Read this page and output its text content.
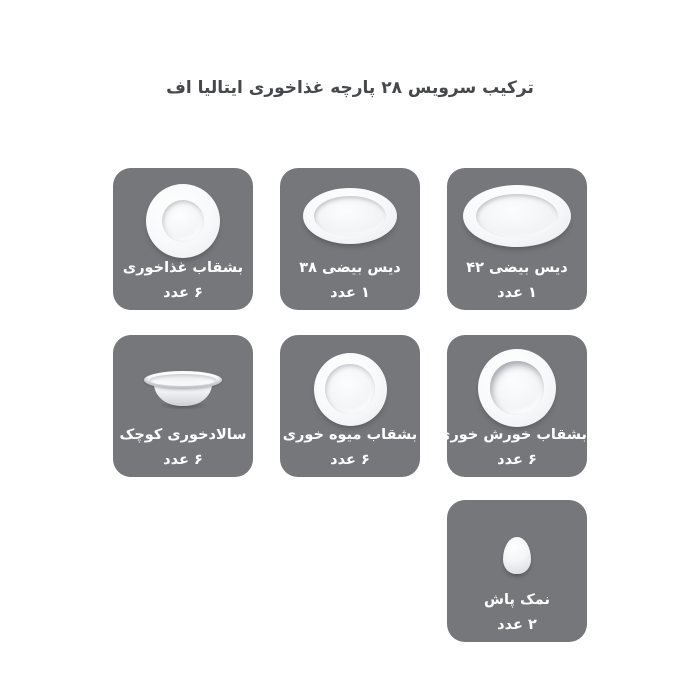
ترکیب سرویس ۲۸ پارچه غذاخوری ایتالیا اف
بشقاب غذاخوری
۶ عدد
دیس بیضی ۳۸
۱ عدد
دیس بیضی ۴۲
۱ عدد
سالادخوری کوچک
۶ عدد
بشقاب میوه خوری
۶ عدد
بشقاب خورش خوری
۶ عدد
نمک پاش
۲ عدد
